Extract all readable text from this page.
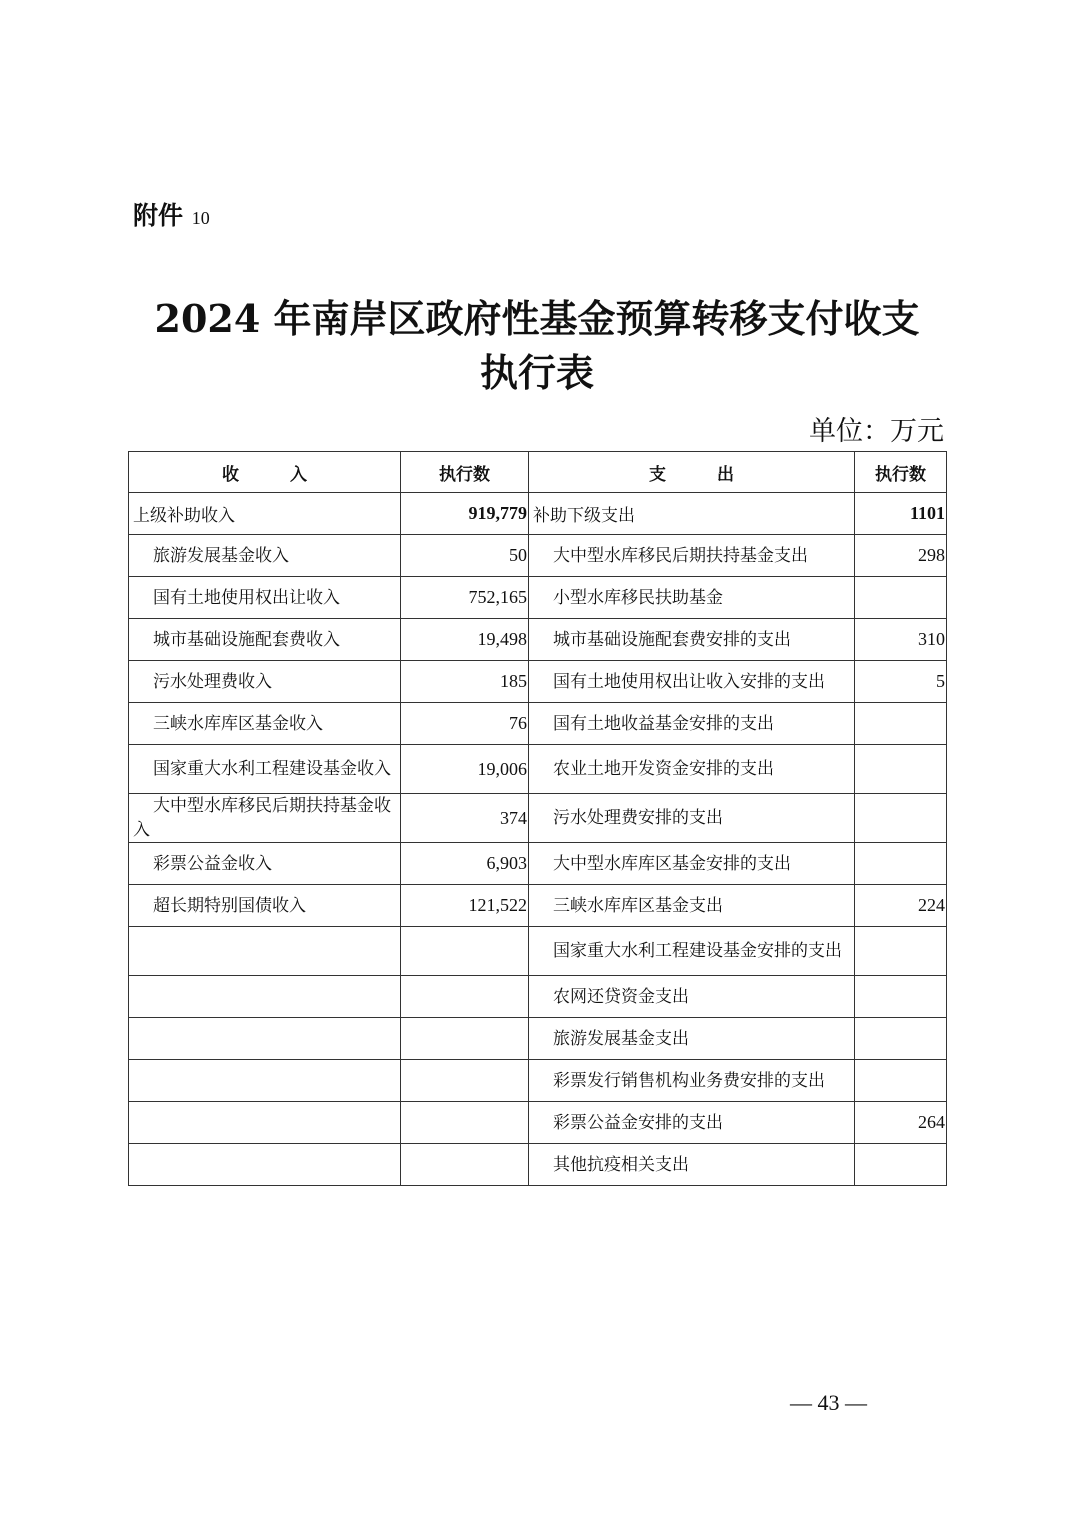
附件 10
2024 年南岸区政府性基金预算转移支付收支
执行表
单位：万元
收　　　入	执行数	支　　　出	执行数
上级补助收入	919,779	补助下级支出	1101
旅游发展基金收入	50	大中型水库移民后期扶持基金支出	298
国有土地使用权出让收入	752,165	小型水库移民扶助基金	
城市基础设施配套费收入	19,498	城市基础设施配套费安排的支出	310
污水处理费收入	185	国有土地使用权出让收入安排的支出	5
三峡水库库区基金收入	76	国有土地收益基金安排的支出	
国家重大水利工程建设基金收入	19,006	农业土地开发资金安排的支出	
大中型水库移民后期扶持基金收入	374	污水处理费安排的支出	
彩票公益金收入	6,903	大中型水库库区基金安排的支出	
超长期特别国债收入	121,522	三峡水库库区基金支出	224
		国家重大水利工程建设基金安排的支出	
		农网还贷资金支出	
		旅游发展基金支出	
		彩票发行销售机构业务费安排的支出	
		彩票公益金安排的支出	264
		其他抗疫相关支出	
— 43 —
